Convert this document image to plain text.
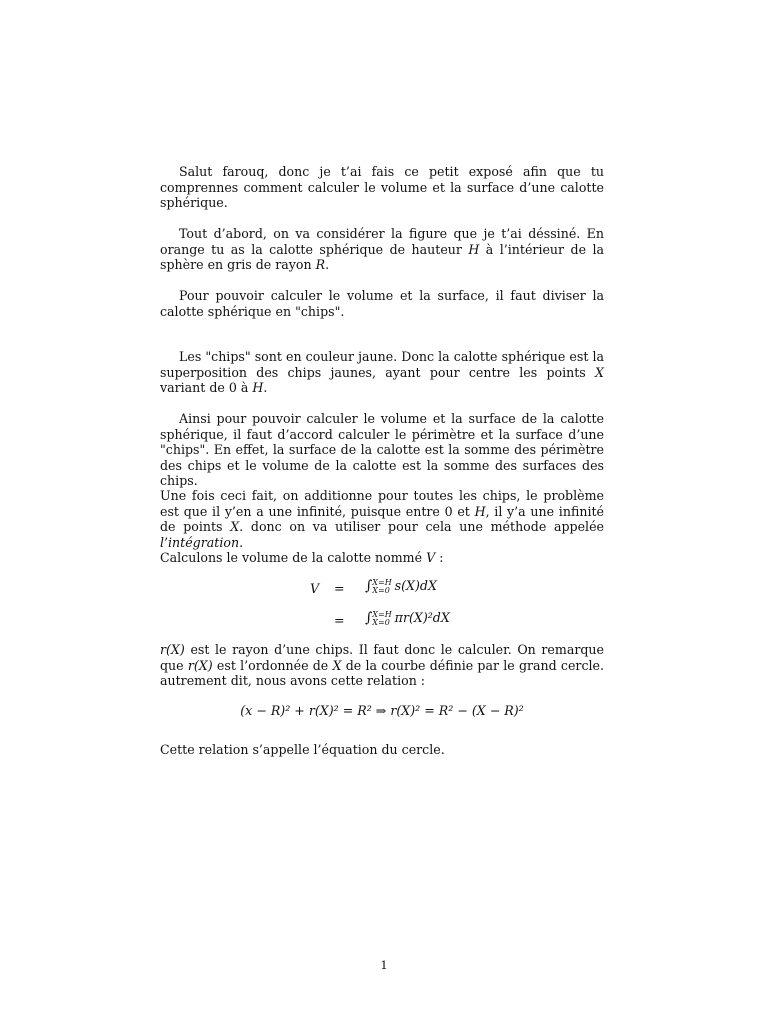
Salut farouq, donc je t’ai fais ce petit exposé afin que tu comprennes comment calculer le volume et la surface d’une calotte sphérique.

Tout d’abord, on va considérer la figure que je t’ai déssiné. En orange tu as la calotte sphérique de hauteur H à l’intérieur de la sphère en gris de rayon R.

Pour pouvoir calculer le volume et la surface, il faut diviser la calotte sphérique en "chips".

Les "chips" sont en couleur jaune. Donc la calotte sphérique est la superposition des chips jaunes, ayant pour centre les points X variant de 0 à H.

Ainsi pour pouvoir calculer le volume et la surface de la calotte sphérique, il faut d’accord calculer le périmètre et la surface d’une "chips". En effet, la surface de la calotte est la somme des périmètre des chips et le volume de la calotte est la somme des surfaces des chips.

Une fois ceci fait, on additionne pour toutes les chips, le problème est que il y’en a une infinité, puisque entre 0 et H, il y’a une infinité de points X. donc on va utiliser pour cela une méthode appelée l’intégration.

Calculons le volume de la calotte nommé V :

V = ∫ X=H
X=0 s(X)dX
= ∫ X=H
X=0 πr(X)²dX

r(X) est le rayon d’une chips. Il faut donc le calculer. On remarque que r(X) est l’ordonnée de X de la courbe définie par le grand cercle. autrement dit, nous avons cette relation :

(x − R)² + r(X)² = R² ⇒ r(X)² = R² − (X − R)²

Cette relation s’appelle l’équation du cercle.

1
